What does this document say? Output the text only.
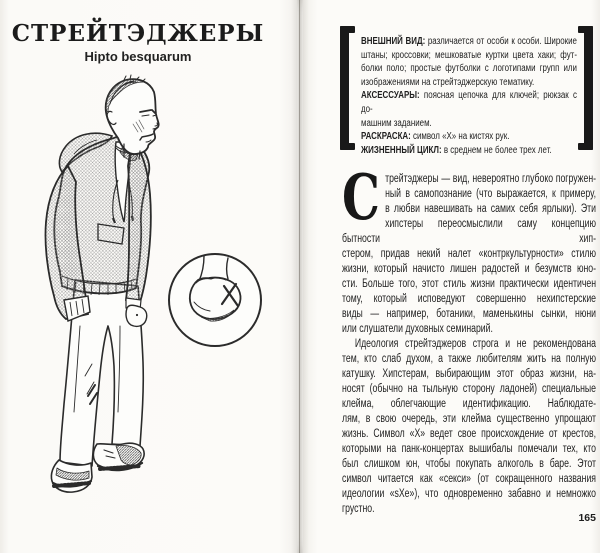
СТРЕЙТЭДЖЕРЫ
Hipto besquarum
ВНЕШНИЙ ВИД: различается от особи к особи. Широкие
штаны; кроссовки; мешковатые куртки цвета хаки; фут-
болки поло; простые футболки с логотипами групп или
изображениями на стрейтэджерскую тематику.
АКСЕССУАРЫ: поясная цепочка для ключей; рюкзак с до-
машним заданием.
РАСКРАСКА: символ «Х» на кистях рук.
ЖИЗНЕННЫЙ ЦИКЛ: в среднем не более трех лет.
С трейтэджеры — вид, невероятно глубоко погружен-
ный в самопознание (что выражается, к примеру,
в любви навешивать на самих себя ярлыки). Эти
хипстеры переосмыслили саму концепцию бытности хип-
стером, придав некий налет «контркультурности» стилю
жизни, который начисто лишен радостей и безумств юно-
сти. Больше того, этот стиль жизни практически идентичен
тому, который исповедуют совершенно нехипстерские
виды — например, ботаники, маменькины сынки, нюни
или слушатели духовных семинарий.
Идеология стрейтэджеров строга и не рекомендована
тем, кто слаб духом, а также любителям жить на полную
катушку. Хипстерам, выбирающим этот образ жизни, на-
носят (обычно на тыльную сторону ладоней) специальные
клейма, облегчающие идентификацию. Наблюдате-
лям, в свою очередь, эти клейма существенно упрощают
жизнь. Символ «Х» ведет свое происхождение от крестов,
которыми на панк-концертах вышибалы помечали тех, кто
был слишком юн, чтобы покупать алкоголь в баре. Этот
символ читается как «секси» (от сокращенного названия
идеологии «sXe»), что одновременно забавно и немножко
грустно.
165
